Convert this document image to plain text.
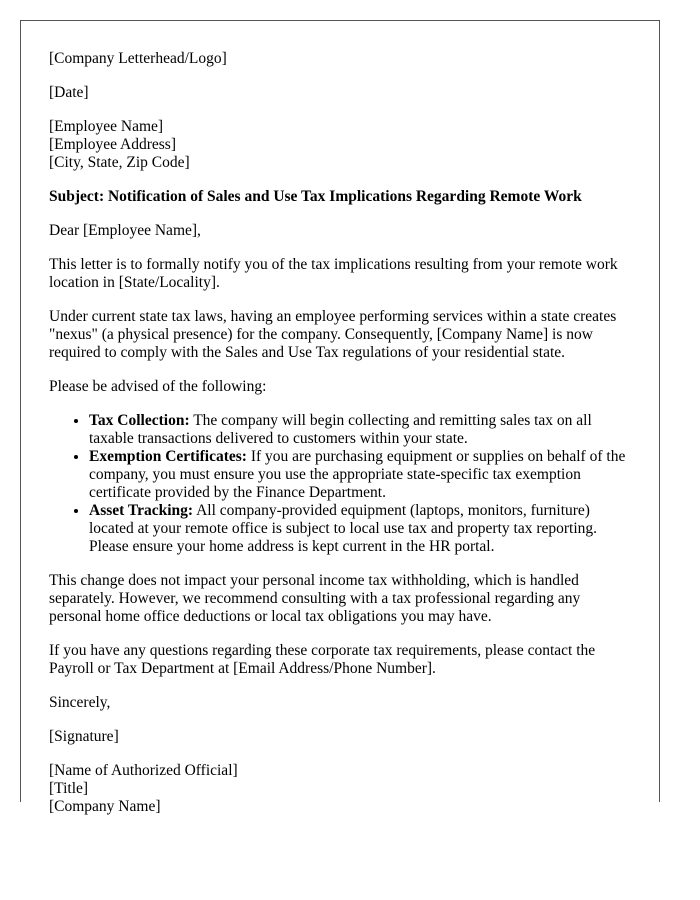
[Company Letterhead/Logo]

[Date]

[Employee Name]
[Employee Address]
[City, State, Zip Code]

Subject: Notification of Sales and Use Tax Implications Regarding Remote Work

Dear [Employee Name],

This letter is to formally notify you of the tax implications resulting from your remote work location in [State/Locality].

Under current state tax laws, having an employee performing services within a state creates "nexus" (a physical presence) for the company. Consequently, [Company Name] is now required to comply with the Sales and Use Tax regulations of your residential state.

Please be advised of the following:

• Tax Collection: The company will begin collecting and remitting sales tax on all taxable transactions delivered to customers within your state.
• Exemption Certificates: If you are purchasing equipment or supplies on behalf of the company, you must ensure you use the appropriate state-specific tax exemption certificate provided by the Finance Department.
• Asset Tracking: All company-provided equipment (laptops, monitors, furniture) located at your remote office is subject to local use tax and property tax reporting. Please ensure your home address is kept current in the HR portal.

This change does not impact your personal income tax withholding, which is handled separately. However, we recommend consulting with a tax professional regarding any personal home office deductions or local tax obligations you may have.

If you have any questions regarding these corporate tax requirements, please contact the Payroll or Tax Department at [Email Address/Phone Number].

Sincerely,

[Signature]

[Name of Authorized Official]
[Title]
[Company Name]
